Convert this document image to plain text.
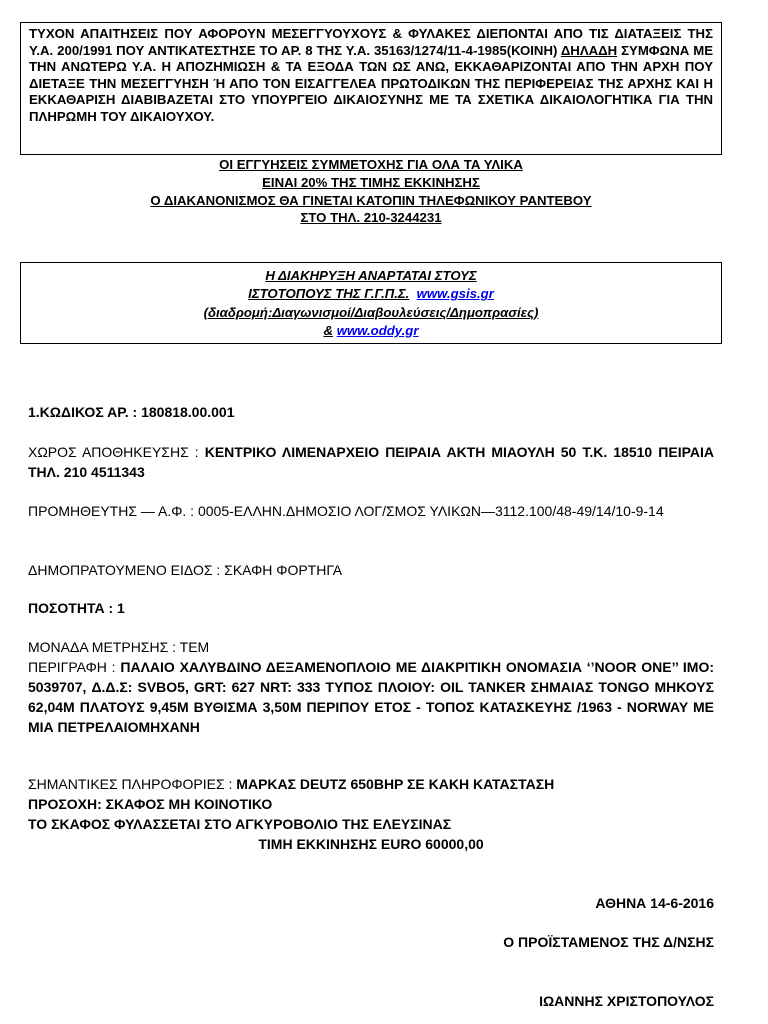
ΤΥΧΟΝ ΑΠΑΙΤΗΣΕΙΣ ΠΟΥ ΑΦΟΡΟΥΝ ΜΕΣΕΓΓΥΟΥΧΟΥΣ & ΦΥΛΑΚΕΣ ΔΙΕΠΟΝΤΑΙ ΑΠΟ ΤΙΣ ΔΙΑΤΑΞΕΙΣ ΤΗΣ Υ.Α. 200/1991 ΠΟΥ ΑΝΤΙΚΑΤΕΣΤΗΣΕ ΤΟ ΑΡ. 8 ΤΗΣ Υ.Α. 35163/1274/11-4-1985(ΚΟΙΝΗ) ΔΗΛΑΔΗ ΣΥΜΦΩΝΑ ΜΕ ΤΗΝ ΑΝΩΤΕΡΩ Υ.Α. Η ΑΠΟΖΗΜΙΩΣΗ & ΤΑ ΕΞΟΔΑ ΤΩΝ ΩΣ ΑΝΩ, ΕΚΚΑΘΑΡΙΖΟΝΤΑΙ ΑΠΟ ΤΗΝ ΑΡΧΗ ΠΟΥ ΔΙΕΤΑΞΕ ΤΗΝ ΜΕΣΕΓΓΥΗΣΗ Ή ΑΠΟ ΤΟΝ ΕΙΣΑΓΓΕΛΕΑ ΠΡΩΤΟΔΙΚΩΝ ΤΗΣ ΠΕΡΙΦΕΡΕΙΑΣ ΤΗΣ ΑΡΧΗΣ ΚΑΙ Η ΕΚΚΑΘΑΡΙΣΗ ΔΙΑΒΙΒΑΖΕΤΑΙ ΣΤΟ ΥΠΟΥΡΓΕΙΟ ΔΙΚΑΙΟΣΥΝΗΣ ΜΕ ΤΑ ΣΧΕΤΙΚΑ ΔΙΚΑΙΟΛΟΓΗΤΙΚΑ ΓΙΑ ΤΗΝ ΠΛΗΡΩΜΗ ΤΟΥ ΔΙΚΑΙΟΥΧΟΥ.

ΟΙ ΕΓΓΥΗΣΕΙΣ ΣΥΜΜΕΤΟΧΗΣ ΓΙΑ ΟΛΑ ΤΑ ΥΛΙΚΑ
ΕΙΝΑΙ 20% ΤΗΣ ΤΙΜΗΣ ΕΚΚΙΝΗΣΗΣ
Ο ΔΙΑΚΑΝΟΝΙΣΜΟΣ ΘΑ ΓΙΝΕΤΑΙ ΚΑΤΟΠΙΝ ΤΗΛΕΦΩΝΙΚΟΥ ΡΑΝΤΕΒΟΥ
ΣΤΟ ΤΗΛ. 210-3244231
Η ΔΙΑΚΗΡΥΞΗ ΑΝΑΡΤΑΤΑΙ ΣΤΟΥΣ
ΙΣΤΟΤΟΠΟΥΣ ΤΗΣ Γ.Γ.Π.Σ. www.gsis.gr
(διαδρομή:Διαγωνισμοί/Διαβουλεύσεις/Δημοπρασίες)
& www.oddy.gr
1.ΚΩΔΙΚΟΣ ΑΡ. : 180818.00.001
ΧΩΡΟΣ ΑΠΟΘΗΚΕΥΣΗΣ : ΚΕΝΤΡΙΚΟ ΛΙΜΕΝΑΡΧΕΙΟ ΠΕΙΡΑΙΑ ΑΚΤΗ ΜΙΑΟΥΛΗ 50 Τ.Κ. 18510 ΠΕΙΡΑΙΑ ΤΗΛ. 210 4511343
ΠΡΟΜΗΘΕΥΤΗΣ — Α.Φ. : 0005-ΕΛΛΗΝ.ΔΗΜΟΣΙΟ ΛΟΓ/ΣΜΟΣ ΥΛΙΚΩΝ—3112.100/48-49/14/10-9-14
ΔΗΜΟΠΡΑΤΟΥΜΕΝΟ ΕΙΔΟΣ : ΣΚΑΦΗ ΦΟΡΤΗΓΑ
ΠΟΣΟΤΗΤΑ : 1
ΜΟΝΑΔΑ ΜΕΤΡΗΣΗΣ : ΤΕΜ
ΠΕΡΙΓΡΑΦΗ : ΠΑΛΑΙΟ ΧΑΛΥΒΔΙΝΟ ΔΕΞΑΜΕΝΟΠΛΟΙΟ ΜΕ ΔΙΑΚΡΙΤΙΚΗ ΟΝΟΜΑΣΙΑ ‘’NOOR ONE’’ IMO: 5039707, Δ.Δ.Σ: SVBO5, GRT: 627 NRT: 333 ΤΥΠΟΣ ΠΛΟΙΟΥ: OIL TANKER ΣΗΜΑΙΑΣ TONGO ΜΗΚΟΥΣ 62,04Μ ΠΛΑΤΟΥΣ 9,45Μ ΒΥΘΙΣΜΑ 3,50Μ ΠΕΡΙΠΟΥ ΕΤΟΣ - ΤΟΠΟΣ ΚΑΤΑΣΚΕΥΗΣ /1963 - NORWAY ΜΕ ΜΙΑ ΠΕΤΡΕΛΑΙΟΜΗΧΑΝΗ
ΣΗΜΑΝΤΙΚΕΣ ΠΛΗΡΟΦΟΡΙΕΣ : ΜΑΡΚΑΣ DEUTZ 650BHP ΣΕ ΚΑΚΗ ΚΑΤΑΣΤΑΣΗ
ΠΡΟΣΟΧΗ: ΣΚΑΦΟΣ ΜΗ ΚΟΙΝΟΤΙΚΟ
ΤΟ ΣΚΑΦΟΣ ΦΥΛΑΣΣΕΤΑΙ ΣΤΟ ΑΓΚΥΡΟΒΟΛΙΟ ΤΗΣ ΕΛΕΥΣΙΝΑΣ
ΤΙΜΗ ΕΚΚΙΝΗΣΗΣ EURO 60000,00
ΑΘΗΝΑ 14-6-2016
Ο ΠΡΟΪΣΤΑΜΕΝΟΣ ΤΗΣ Δ/ΝΣΗΣ
ΙΩΑΝΝΗΣ ΧΡΙΣΤΟΠΟΥΛΟΣ
